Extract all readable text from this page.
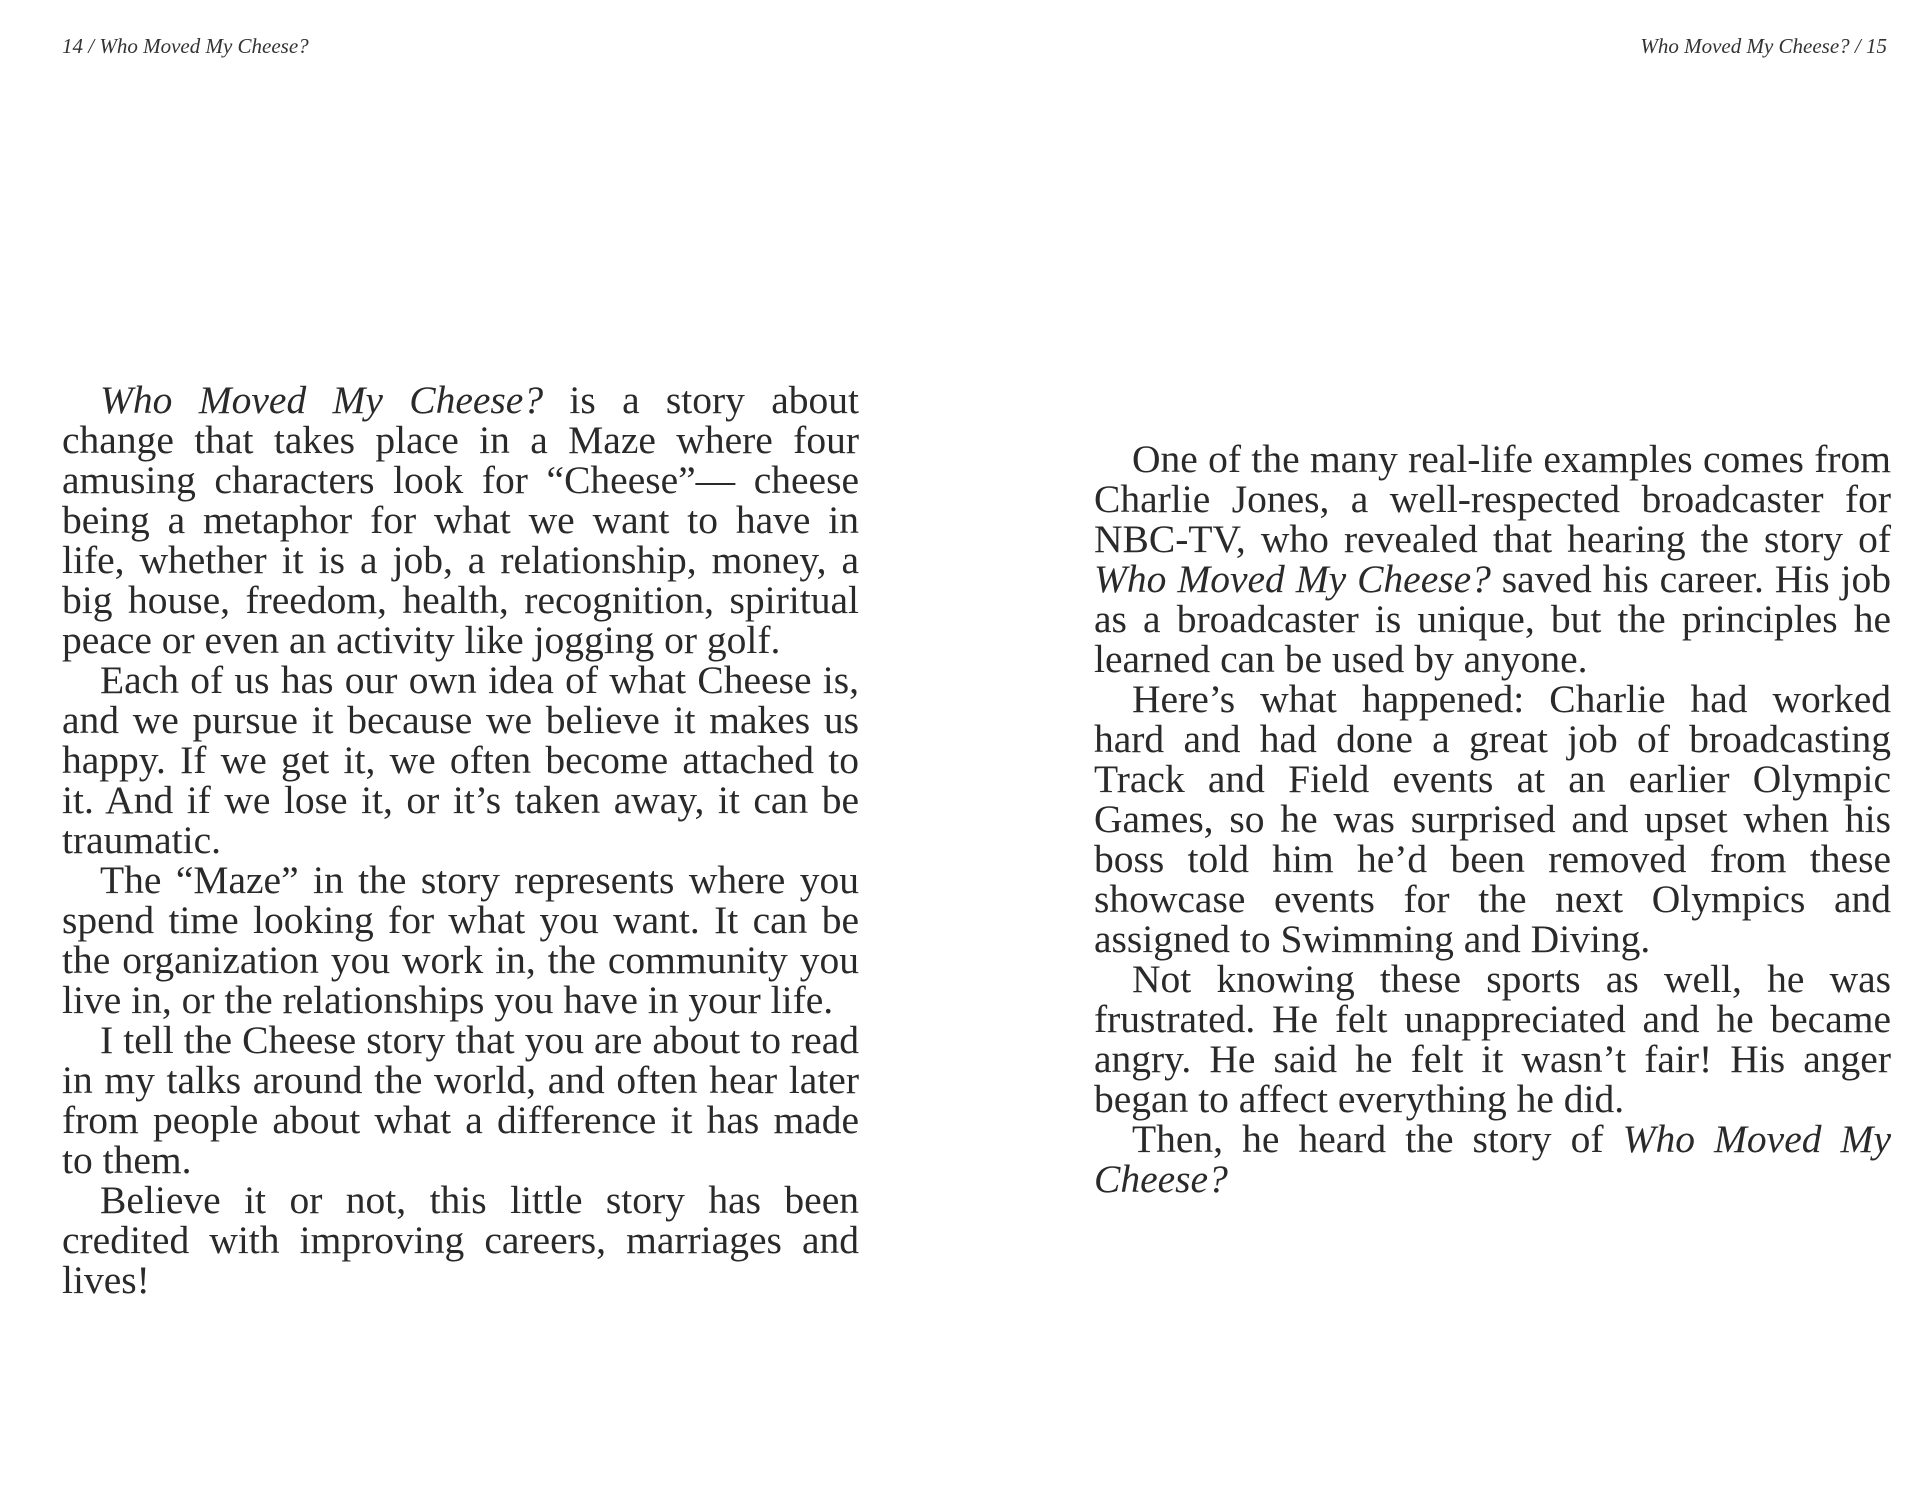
14 / Who Moved My Cheese?

Who Moved My Cheese? is a story about change that takes place in a Maze where four amusing characters look for “Cheese”— cheese being a metaphor for what we want to have in life, whether it is a job, a relationship, money, a big house, freedom, health, recognition, spiritual peace or even an activity like jogging or golf.

Each of us has our own idea of what Cheese is, and we pursue it because we believe it makes us happy. If we get it, we often become attached to it. And if we lose it, or it’s taken away, it can be traumatic.

The “Maze” in the story represents where you spend time looking for what you want. It can be the organization you work in, the community you live in, or the relationships you have in your life.

I tell the Cheese story that you are about to read in my talks around the world, and often hear later from people about what a difference it has made to them.

Believe it or not, this little story has been credited with improving careers, marriages and lives!

Who Moved My Cheese? / 15

One of the many real-life examples comes from Charlie Jones, a well-respected broadcaster for NBC-TV, who revealed that hearing the story of Who Moved My Cheese? saved his career. His job as a broadcaster is unique, but the principles he learned can be used by anyone.

Here’s what happened: Charlie had worked hard and had done a great job of broadcasting Track and Field events at an earlier Olympic Games, so he was surprised and upset when his boss told him he’d been removed from these showcase events for the next Olympics and assigned to Swimming and Diving.

Not knowing these sports as well, he was frustrated. He felt unappreciated and he became angry. He said he felt it wasn’t fair! His anger began to affect everything he did.

Then, he heard the story of Who Moved My Cheese?
